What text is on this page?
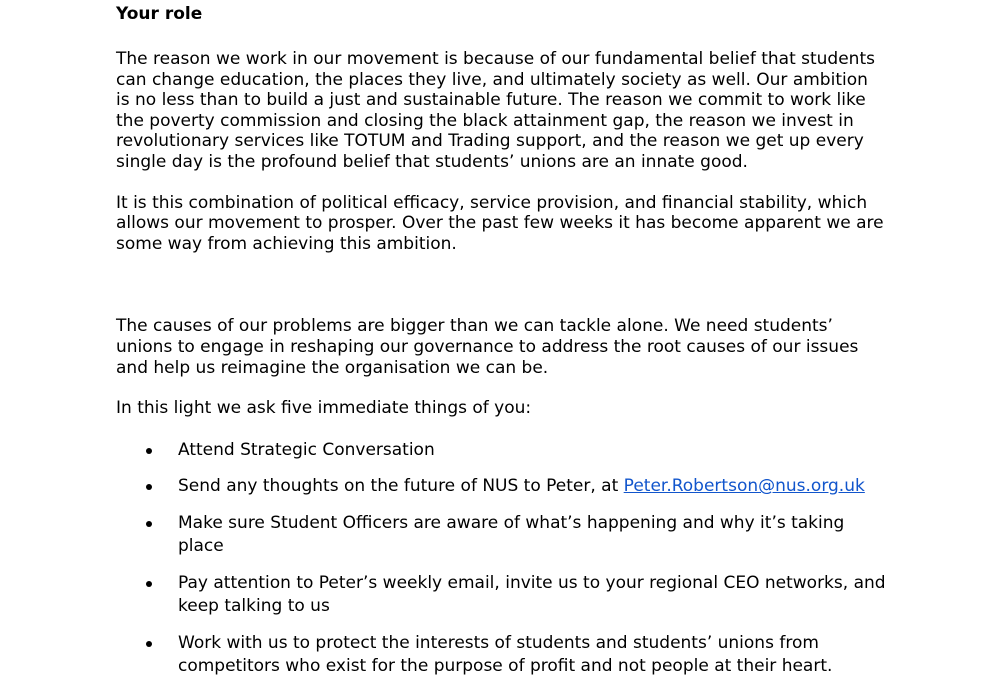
Your role

The reason we work in our movement is because of our fundamental belief that students can change education, the places they live, and ultimately society as well. Our ambition is no less than to build a just and sustainable future. The reason we commit to work like the poverty commission and closing the black attainment gap, the reason we invest in revolutionary services like TOTUM and Trading support, and the reason we get up every single day is the profound belief that students’ unions are an innate good.

It is this combination of political efficacy, service provision, and financial stability, which allows our movement to prosper. Over the past few weeks it has become apparent we are some way from achieving this ambition.

The causes of our problems are bigger than we can tackle alone. We need students’ unions to engage in reshaping our governance to address the root causes of our issues and help us reimagine the organisation we can be.

In this light we ask five immediate things of you:

Attend Strategic Conversation
Send any thoughts on the future of NUS to Peter, at Peter.Robertson@nus.org.uk
Make sure Student Officers are aware of what’s happening and why it’s taking place
Pay attention to Peter’s weekly email, invite us to your regional CEO networks, and keep talking to us
Work with us to protect the interests of students and students’ unions from competitors who exist for the purpose of profit and not people at their heart.
